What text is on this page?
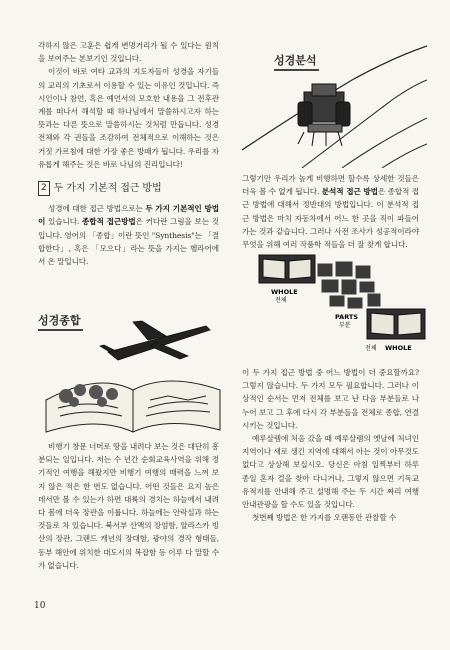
각하지 않은 고훈은 쉽게 변명거리가 될 수 있다는 원칙을 보여주는 본보기인 것입니다.

이것이 바로 여타 교과의 지도자들이 성경을 자기들의 교리의 기초로서 이용할 수 있는 이유인 것입니다. 즉 시인이나 참언, 혹은 예언서의 모호한 내용을 그 전후관계를 떠나서 해석할 때 하나님에서 말씀하시고자 하는 뜻과는 다른 뜻으로 말씀하시는 것처럼 만듭니다. 성경 전체와 각 권들을 조감하여 전체적으로 이해하는 것은 거짓 가르침에 대한 가장 좋은 방패가 됩니다. 우리를 자유롭게 해주는 것은 바로 나님의 진리입니다!

2 두 가지 기본적 접근 방법

성경에 대한 접근 방법으로는 두 가지 기본적인 방법이 있습니다. 종합적 접근방법은 커다란 그림을 보는 것입니다. 영어의 「종합」이란 뜻인 "Synthesis"는 「결합한다」, 혹은 「모으다」라는 뜻을 가지는 헬라어에서 온 말입니다.

성경종합

비행기 창문 너머로 땅을 내려다 보는 것은 대단히 흥분되는 일입니다. 저는 수 년간 순회교육사역을 위해 정기적인 여행을 해왔지만 비행기 여행의 매력을 느껴 보지 않은 적은 한 번도 없습니다. 어떤 것들은 요지 높은 데서만 볼 수 있는가 하면 대륙의 경치는 하늘에서 내려다 봄에 더욱 장관을 이룹니다. 하늘에는 안락실과 하는 것들로 차 있습니다. 북서부 산맥의 장엄함, 알라스카 빙산의 장관, 그랜드 캐년의 장대함, 광야의 경작 형태들, 동부 해안에 위치한 대도시의 복잡함 등 이루 다 말할 수가 없습니다.

성경분석

그렇기만 우리가 높게 비행하면 할수록 상세한 것들은 더욱 볼 수 없게 됩니다. 분석적 접근 방법은 종합적 접근 방법에 대해서 정반대의 방법입니다. 이 분석적 접근 방법은 마치 자동차에서 어느 한 곳을 직이 파들어 가는 것과 같습니다. 그러나 사전 조사가 성공적이라야 무엇을 위해 여러 작품학 적들을 더 잘 찾게 합니다.

WHOLE
전체
PARTS
부분
전체 WHOLE

이 두 가지 접근 방법 중 어느 방법이 더 중요할까요? 그렇지 않습니다. 두 가지 모두 필요합니다. 그러나 이상적인 순서는 먼저 전체를 보고 난 다음 부분들로 나누어 보고 그 후에 다시 각 부분들을 전체로 종합, 연결시키는 것입니다.

예루살렘에 처음 갔을 때 예루살렘의 옛날에 처녀인 지역이나 새로 생긴 지역에 대해서 아는 것이 아무것도 없다고 상상해 보십시오. 당신은 아침 일찍부터 하루 종일 혼자 걸을 찾아 다니거나, 그렇지 않으면 기독교 유적지를 안내해 주고 설명해 주는 두 시간 짜리 여행 안내관광을 할 수도 있을 것입니다.

첫번째 방법은 한 가지를 오랜동안 관찰할 수

10
